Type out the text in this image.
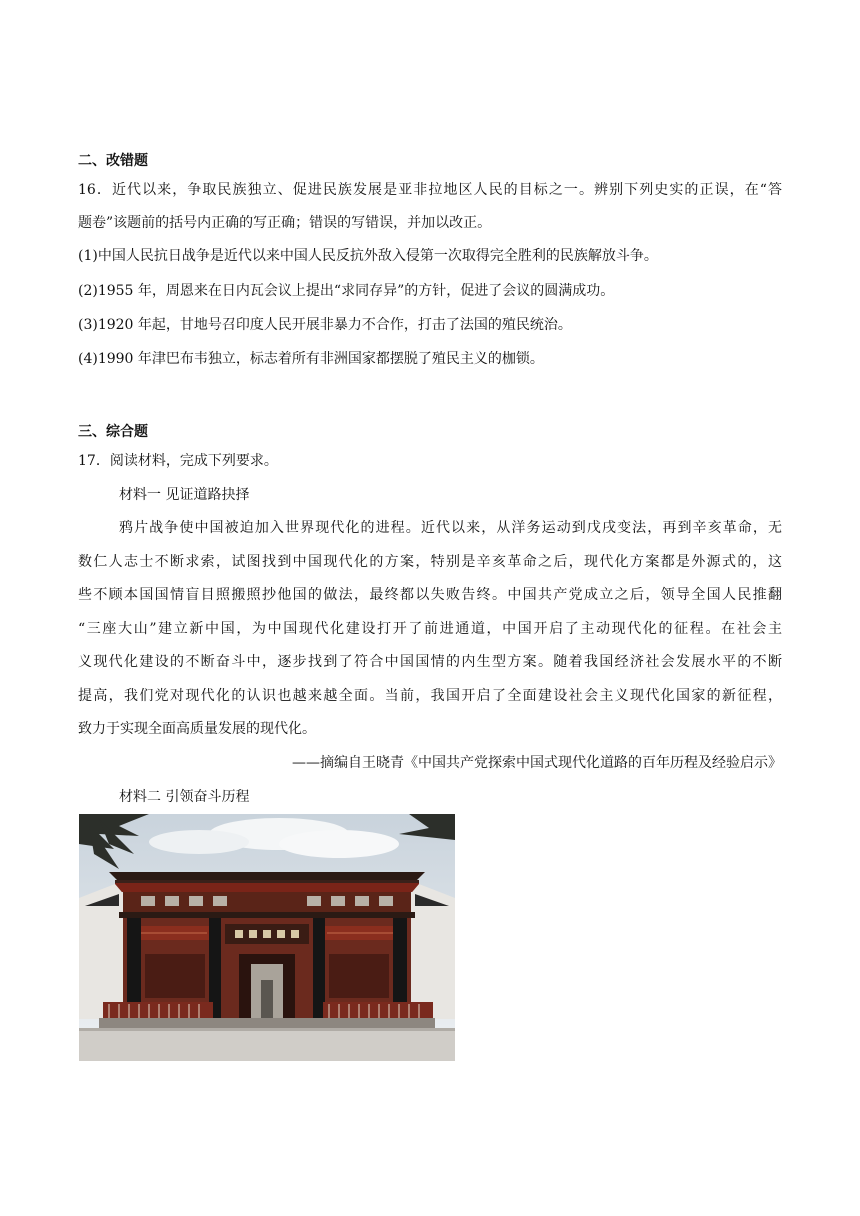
二、改错题
16．近代以来，争取民族独立、促进民族发展是亚非拉地区人民的目标之一。辨别下列史实的正误，在“答
题卷”该题前的括号内正确的写正确；错误的写错误，并加以改正。
(1)中国人民抗日战争是近代以来中国人民反抗外敌入侵第一次取得完全胜利的民族解放斗争。
(2)1955 年，周恩来在日内瓦会议上提出“求同存异”的方针，促进了会议的圆满成功。
(3)1920 年起，甘地号召印度人民开展非暴力不合作，打击了法国的殖民统治。
(4)1990 年津巴布韦独立，标志着所有非洲国家都摆脱了殖民主义的枷锁。
三、综合题
17．阅读材料，完成下列要求。
材料一 见证道路抉择
鸦片战争使中国被迫加入世界现代化的进程。近代以来，从洋务运动到戊戌变法，再到辛亥革命，无
数仁人志士不断求索，试图找到中国现代化的方案，特别是辛亥革命之后，现代化方案都是外源式的，这
些不顾本国国情盲目照搬照抄他国的做法，最终都以失败告终。中国共产党成立之后，领导全国人民推翻
“三座大山”建立新中国，为中国现代化建设打开了前进通道，中国开启了主动现代化的征程。在社会主
义现代化建设的不断奋斗中，逐步找到了符合中国国情的内生型方案。随着我国经济社会发展水平的不断
提高，我们党对现代化的认识也越来越全面。当前，我国开启了全面建设社会主义现代化国家的新征程，
致力于实现全面高质量发展的现代化。
——摘编自王晓青《中国共产党探索中国式现代化道路的百年历程及经验启示》
材料二 引领奋斗历程
